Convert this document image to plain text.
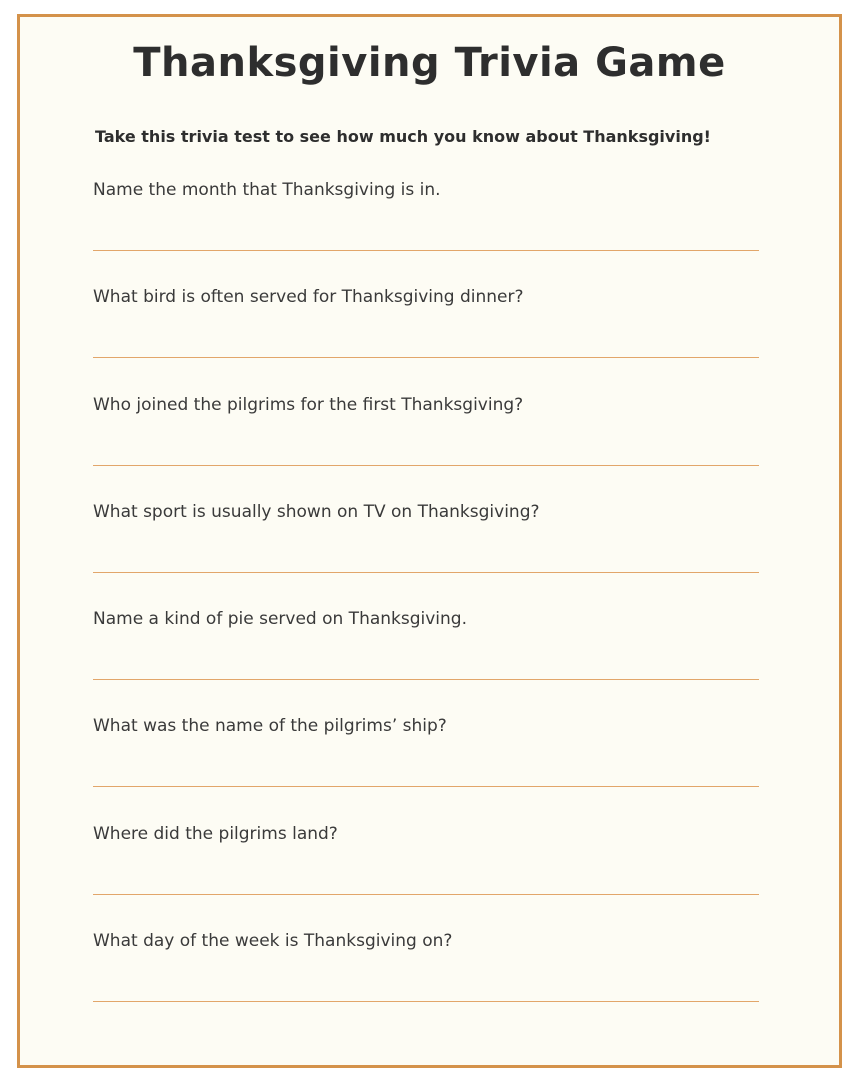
Thanksgiving Trivia Game

Take this trivia test to see how much you know about Thanksgiving!

Name the month that Thanksgiving is in.
What bird is often served for Thanksgiving dinner?
Who joined the pilgrims for the first Thanksgiving?
What sport is usually shown on TV on Thanksgiving?
Name a kind of pie served on Thanksgiving.
What was the name of the pilgrims’ ship?
Where did the pilgrims land?
What day of the week is Thanksgiving on?
